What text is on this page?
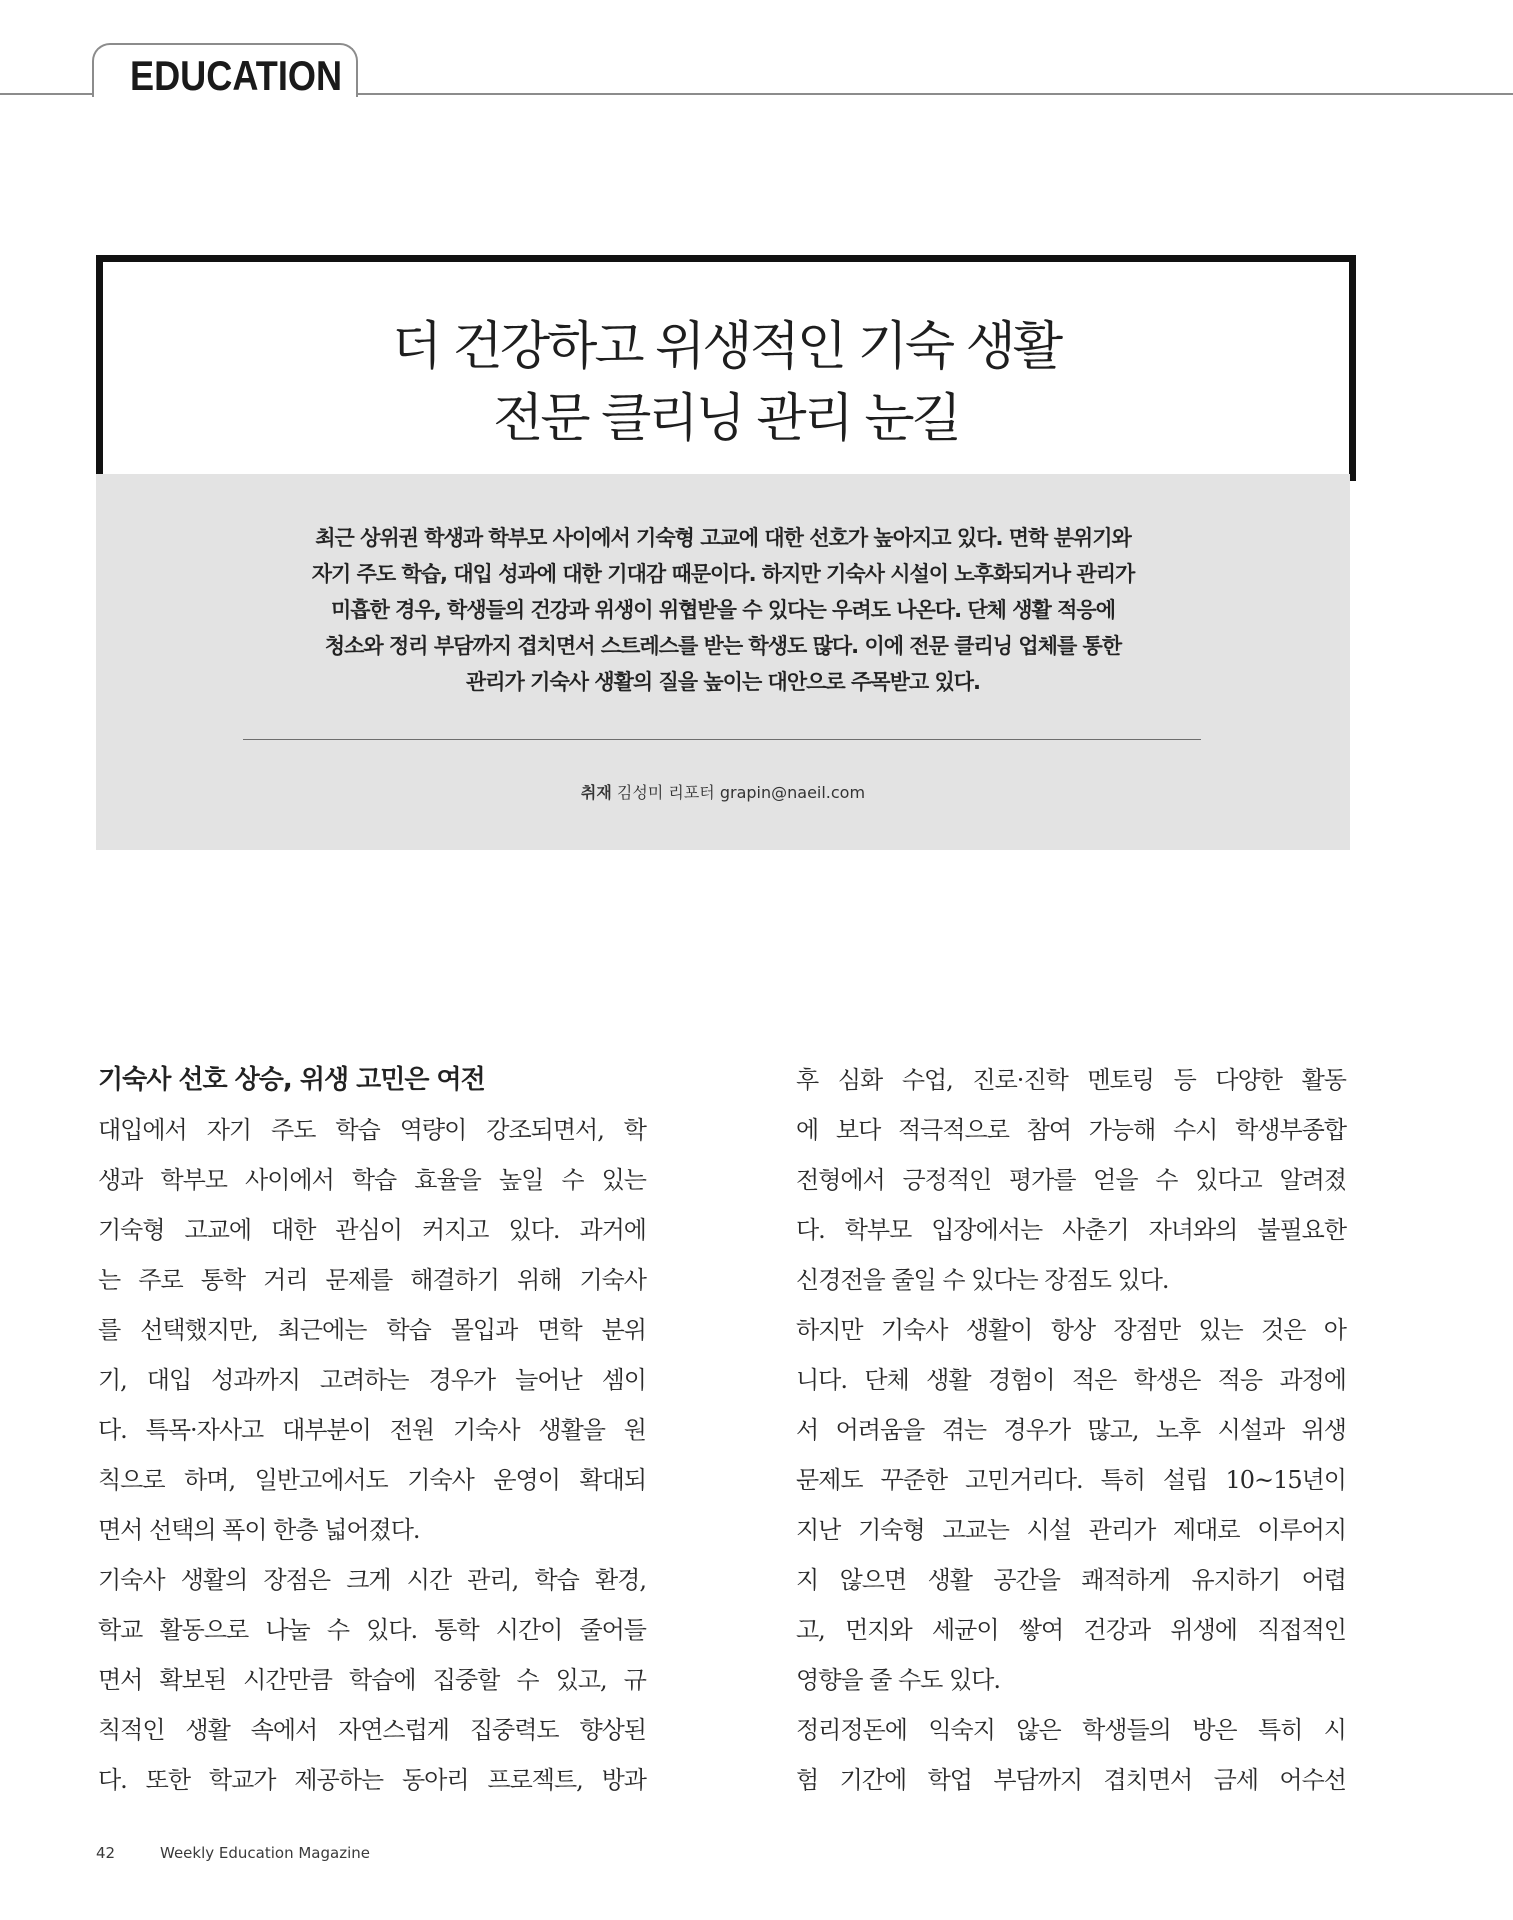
EDUCATION
더 건강하고 위생적인 기숙 생활
전문 클리닝 관리 눈길
최근 상위권 학생과 학부모 사이에서 기숙형 고교에 대한 선호가 높아지고 있다. 면학 분위기와
자기 주도 학습, 대입 성과에 대한 기대감 때문이다. 하지만 기숙사 시설이 노후화되거나 관리가
미흡한 경우, 학생들의 건강과 위생이 위협받을 수 있다는 우려도 나온다. 단체 생활 적응에
청소와 정리 부담까지 겹치면서 스트레스를 받는 학생도 많다. 이에 전문 클리닝 업체를 통한
관리가 기숙사 생활의 질을 높이는 대안으로 주목받고 있다.
취재 김성미 리포터 grapin@naeil.com
기숙사 선호 상승, 위생 고민은 여전
대입에서 자기 주도 학습 역량이 강조되면서, 학
생과 학부모 사이에서 학습 효율을 높일 수 있는
기숙형 고교에 대한 관심이 커지고 있다. 과거에
는 주로 통학 거리 문제를 해결하기 위해 기숙사
를 선택했지만, 최근에는 학습 몰입과 면학 분위
기, 대입 성과까지 고려하는 경우가 늘어난 셈이
다. 특목·자사고 대부분이 전원 기숙사 생활을 원
칙으로 하며, 일반고에서도 기숙사 운영이 확대되
면서 선택의 폭이 한층 넓어졌다.
기숙사 생활의 장점은 크게 시간 관리, 학습 환경,
학교 활동으로 나눌 수 있다. 통학 시간이 줄어들
면서 확보된 시간만큼 학습에 집중할 수 있고, 규
칙적인 생활 속에서 자연스럽게 집중력도 향상된
다. 또한 학교가 제공하는 동아리 프로젝트, 방과
후 심화 수업, 진로·진학 멘토링 등 다양한 활동
에 보다 적극적으로 참여 가능해 수시 학생부종합
전형에서 긍정적인 평가를 얻을 수 있다고 알려졌
다. 학부모 입장에서는 사춘기 자녀와의 불필요한
신경전을 줄일 수 있다는 장점도 있다.
하지만 기숙사 생활이 항상 장점만 있는 것은 아
니다. 단체 생활 경험이 적은 학생은 적응 과정에
서 어려움을 겪는 경우가 많고, 노후 시설과 위생
문제도 꾸준한 고민거리다. 특히 설립 10~15년이
지난 기숙형 고교는 시설 관리가 제대로 이루어지
지 않으면 생활 공간을 쾌적하게 유지하기 어렵
고, 먼지와 세균이 쌓여 건강과 위생에 직접적인
영향을 줄 수도 있다.
정리정돈에 익숙지 않은 학생들의 방은 특히 시
험 기간에 학업 부담까지 겹치면서 금세 어수선
42	Weekly Education Magazine
